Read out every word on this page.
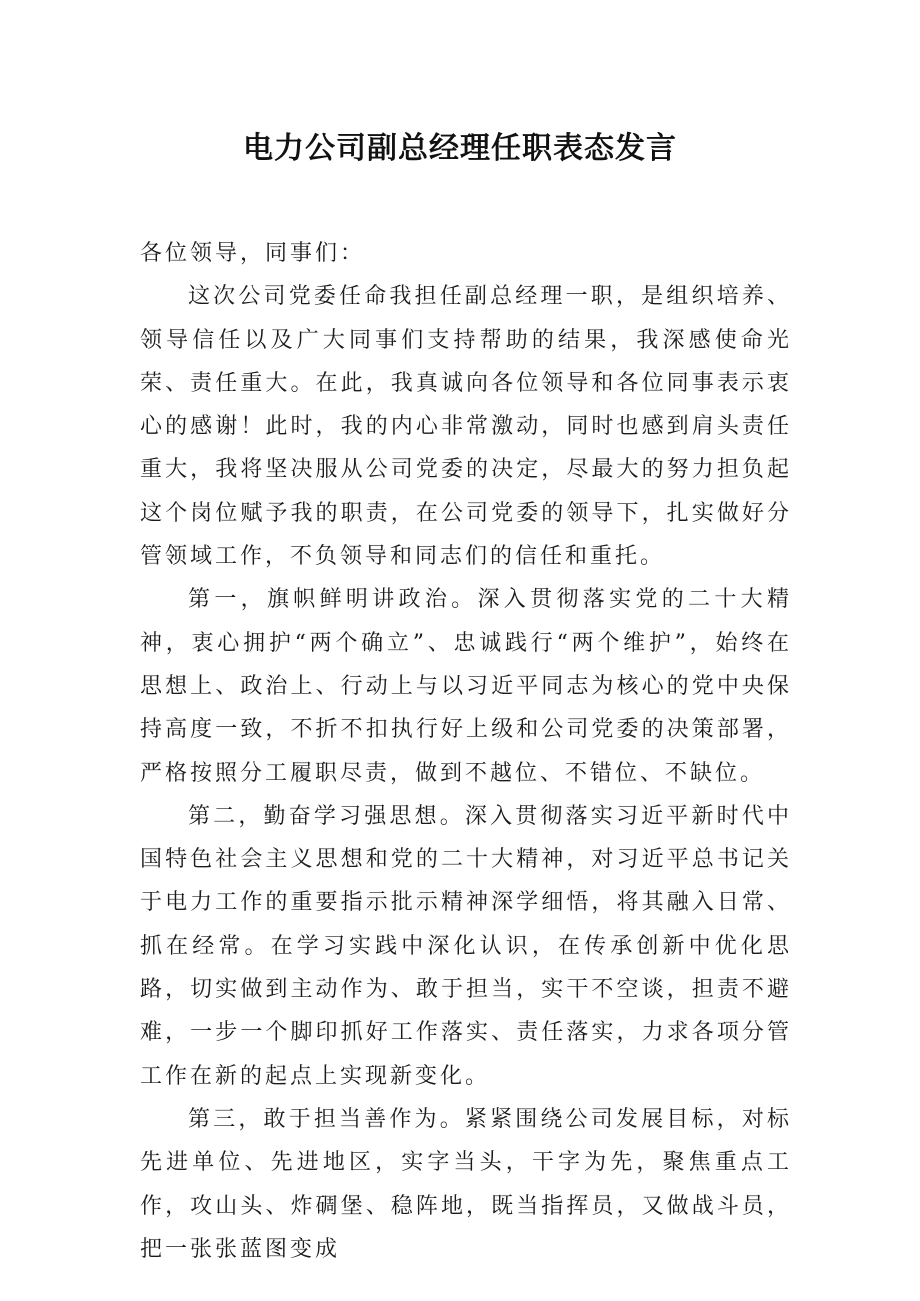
电力公司副总经理任职表态发言

各位领导，同事们：

这次公司党委任命我担任副总经理一职，是组织培养、领导信任以及广大同事们支持帮助的结果，我深感使命光荣、责任重大。在此，我真诚向各位领导和各位同事表示衷心的感谢！此时，我的内心非常激动，同时也感到肩头责任重大，我将坚决服从公司党委的决定，尽最大的努力担负起这个岗位赋予我的职责，在公司党委的领导下，扎实做好分管领域工作，不负领导和同志们的信任和重托。

第一，旗帜鲜明讲政治。深入贯彻落实党的二十大精神，衷心拥护“两个确立”、忠诚践行“两个维护”，始终在思想上、政治上、行动上与以习近平同志为核心的党中央保持高度一致，不折不扣执行好上级和公司党委的决策部署，严格按照分工履职尽责，做到不越位、不错位、不缺位。

第二，勤奋学习强思想。深入贯彻落实习近平新时代中国特色社会主义思想和党的二十大精神，对习近平总书记关于电力工作的重要指示批示精神深学细悟，将其融入日常、抓在经常。在学习实践中深化认识，在传承创新中优化思路，切实做到主动作为、敢于担当，实干不空谈，担责不避难，一步一个脚印抓好工作落实、责任落实，力求各项分管工作在新的起点上实现新变化。

第三，敢于担当善作为。紧紧围绕公司发展目标，对标先进单位、先进地区，实字当头，干字为先，聚焦重点工作，攻山头、炸碉堡、稳阵地，既当指挥员，又做战斗员，把一张张蓝图变成
